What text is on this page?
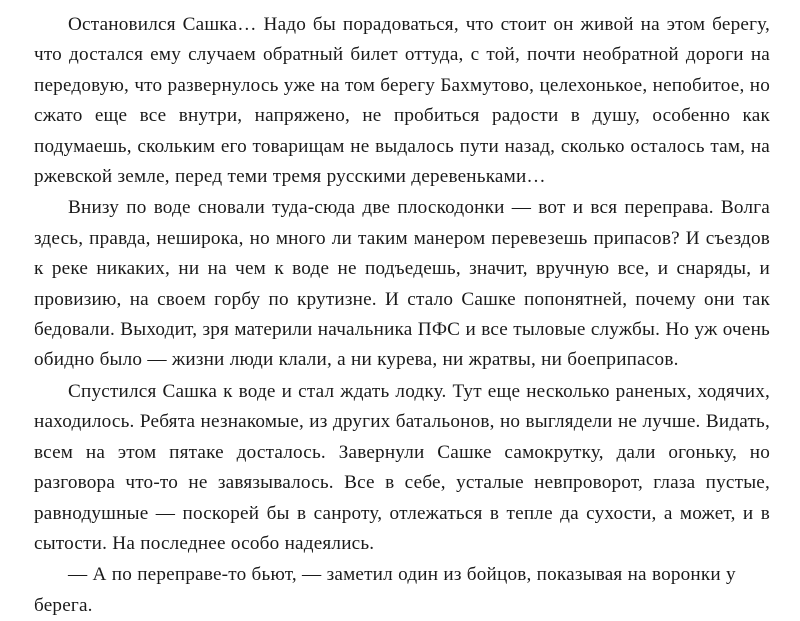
Остановился Сашка… Надо бы порадоваться, что стоит он живой на этом берегу, что достался ему случаем обратный билет оттуда, с той, почти необратной дороги на передовую, что развернулось уже на том берегу Бахмутово, целехонькое, непобитое, но сжато еще все внутри, напряжено, не пробиться радости в душу, особенно как подумаешь, скольким его товарищам не выдалось пути назад, сколько осталось там, на ржевской земле, перед теми тремя русскими деревеньками…

Внизу по воде сновали туда-сюда две плоскодонки — вот и вся переправа. Волга здесь, правда, неширока, но много ли таким манером перевезешь припасов? И съездов к реке никаких, ни на чем к воде не подъедешь, значит, вручную все, и снаряды, и провизию, на своем горбу по крутизне. И стало Сашке попонятней, почему они так бедовали. Выходит, зря материли начальника ПФС и все тыловые службы. Но уж очень обидно было — жизни люди клали, а ни курева, ни жратвы, ни боеприпасов.

Спустился Сашка к воде и стал ждать лодку. Тут еще несколько раненых, ходячих, находилось. Ребята незнакомые, из других батальонов, но выглядели не лучше. Видать, всем на этом пятаке досталось. Завернули Сашке самокрутку, дали огоньку, но разговора что-то не завязывалось. Все в себе, усталые невпроворот, глаза пустые, равнодушные — поскорей бы в санроту, отлежаться в тепле да сухости, а может, и в сытости. На последнее особо надеялись.

— А по переправе-то бьют, — заметил один из бойцов, показывая на воронки у берега.
